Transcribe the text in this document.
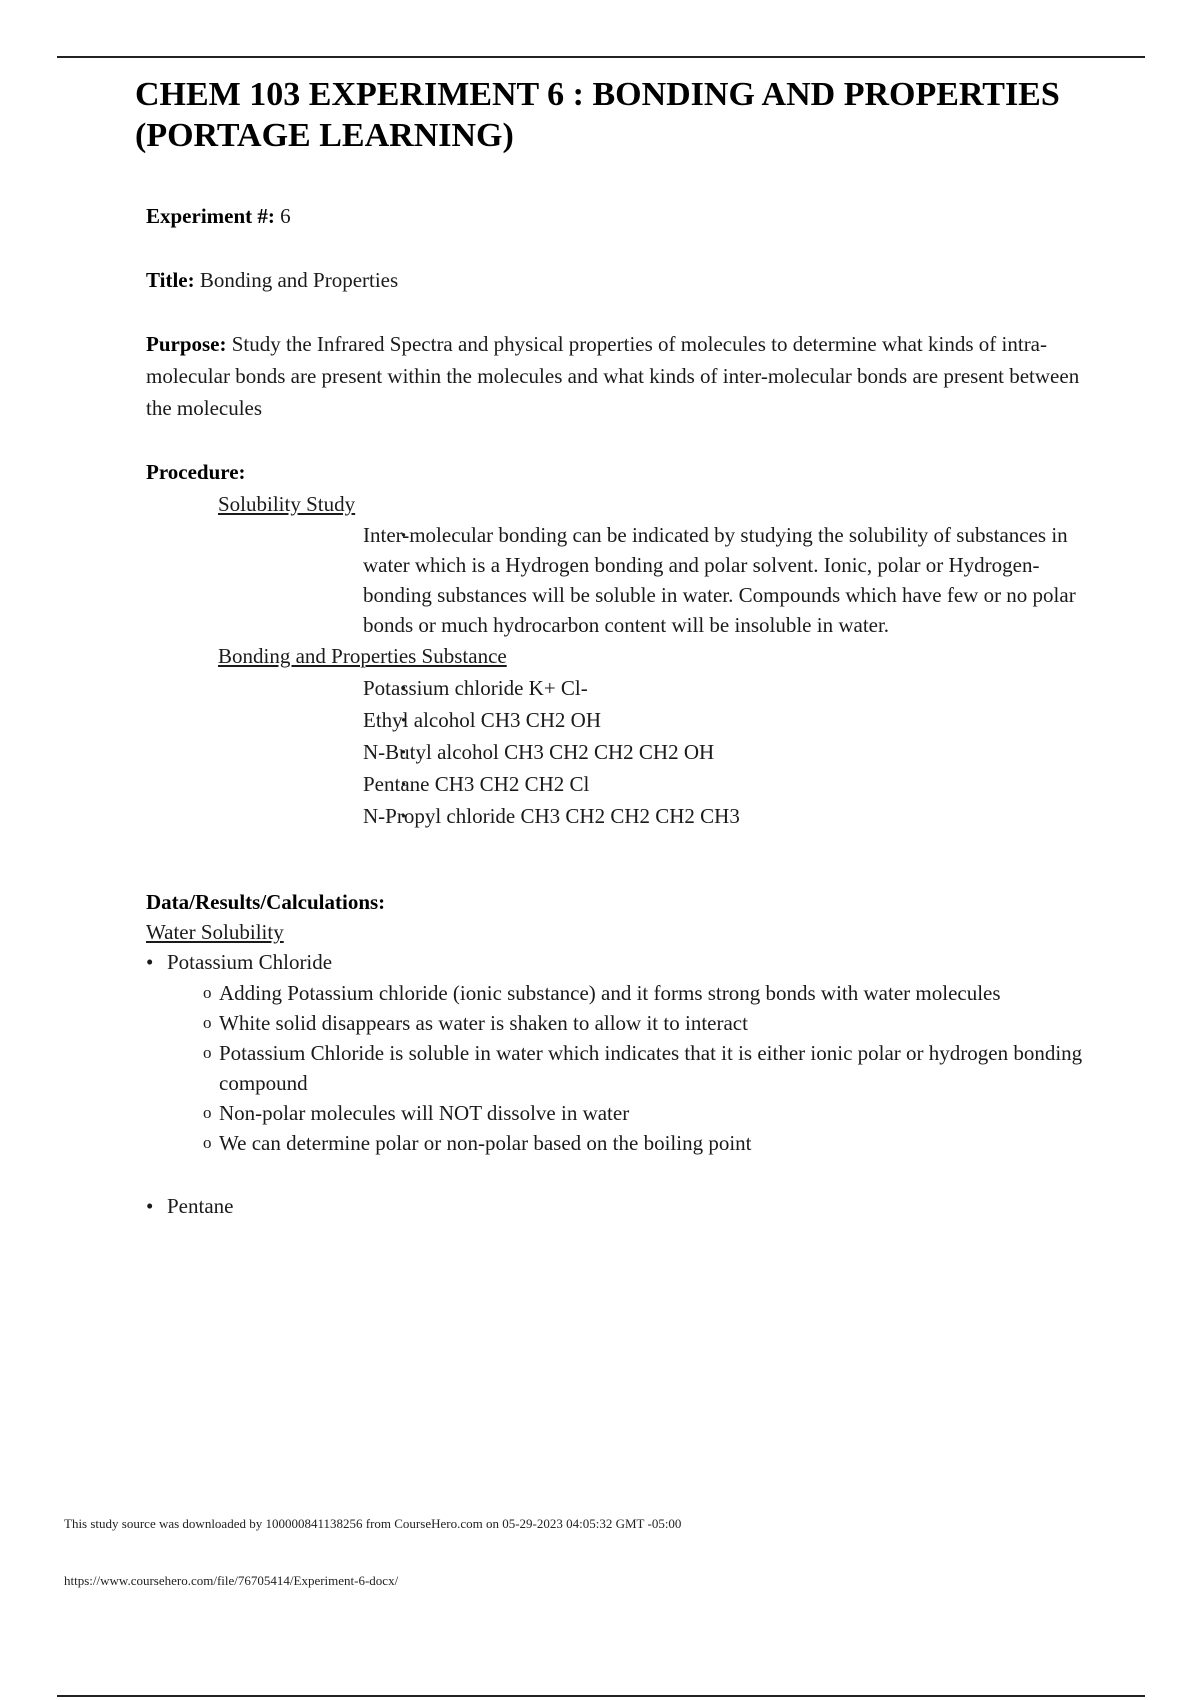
CHEM 103 EXPERIMENT 6 : BONDING AND PROPERTIES (PORTAGE LEARNING)

Experiment #: 6

Title: Bonding and Properties

Purpose: Study the Infrared Spectra and physical properties of molecules to determine what kinds of intra-molecular bonds are present within the molecules and what kinds of inter-molecular bonds are present between the molecules

Procedure:

Solubility Study

· Inter-molecular bonding can be indicated by studying the solubility of substances in water which is a Hydrogen bonding and polar solvent. Ionic, polar or Hydrogen-bonding substances will be soluble in water. Compounds which have few or no polar bonds or much hydrocarbon content will be insoluble in water.

Bonding and Properties Substance

· Potassium chloride K+ Cl-
· Ethyl alcohol CH3 CH2 OH
· N-Butyl alcohol CH3 CH2 CH2 CH2 OH
· Pentane CH3 CH2 CH2 Cl
· N-Propyl chloride CH3 CH2 CH2 CH2 CH3

Data/Results/Calculations:

Water Solubility

• Potassium Chloride
o Adding Potassium chloride (ionic substance) and it forms strong bonds with water molecules
o White solid disappears as water is shaken to allow it to interact
o Potassium Chloride is soluble in water which indicates that it is either ionic polar or hydrogen bonding compound
o Non-polar molecules will NOT dissolve in water
o We can determine polar or non-polar based on the boiling point
• Pentane

This study source was downloaded by 100000841138256 from CourseHero.com on 05-29-2023 04:05:32 GMT -05:00

https://www.coursehero.com/file/76705414/Experiment-6-docx/
